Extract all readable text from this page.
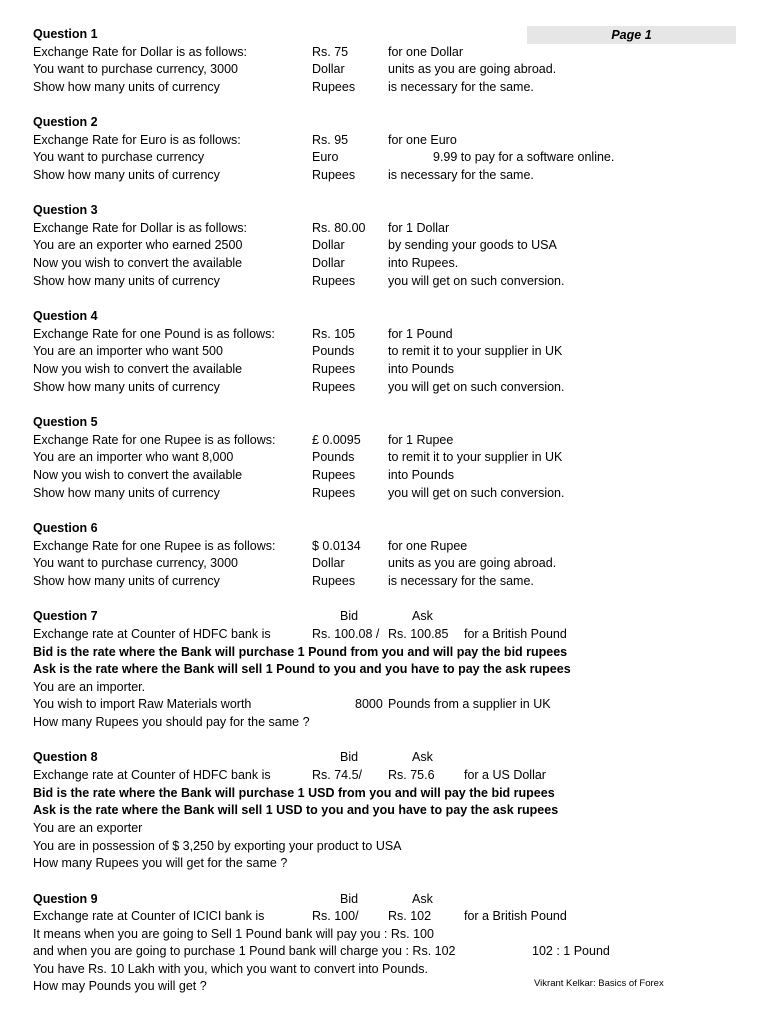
Page 1
Question 1
Exchange Rate for Dollar is as follows:	Rs. 75	for one Dollar
You want to purchase currency, 3000	Dollar	units as you are going abroad.
Show how many units of currency	Rupees	is necessary for the same.
Question 2
Exchange Rate for Euro is as follows:	Rs. 95	for one Euro
You want to purchase currency	Euro	9.99 to pay for a software online.
Show how many units of currency	Rupees	is necessary for the same.
Question 3
Exchange Rate for Dollar is as follows:	Rs. 80.00 for 1 Dollar
You are an exporter who earned 2500	Dollar	by sending your goods to USA
Now you wish to convert the available	Dollar	into Rupees.
Show how many units of currency	Rupees	you will get on such conversion.
Question 4
Exchange Rate for one Pound is as follows:	Rs. 105	for 1 Pound
You are an importer who want 500	Pounds	to remit it to your supplier in UK
Now you wish to convert the available	Rupees	into Pounds
Show how many units of currency	Rupees	you will get on such conversion.
Question 5
Exchange Rate for one Rupee is as follows:	£ 0.0095 for 1 Rupee
You are an importer who want 8,000	Pounds	to remit it to your supplier in UK
Now you wish to convert the available	Rupees	into Pounds
Show how many units of currency	Rupees	you will get on such conversion.
Question 6
Exchange Rate for one Rupee is as follows:	$ 0.0134 for one Rupee
You want to purchase currency, 3000	Dollar	units as you are going abroad.
Show how many units of currency	Rupees	is necessary for the same.
Question 7	Bid	Ask
Exchange rate at Counter of HDFC bank is	Rs. 100.08 / Rs. 100.85 for a British Pound
Bid is the rate where the Bank will purchase 1 Pound from you and will pay the bid rupees
Ask is the rate where the Bank will sell 1 Pound to you and you have to pay the ask rupees
You are an importer.
You wish to import Raw Materials worth	8000 Pounds from a supplier in UK
How many Rupees you should pay for the same ?
Question 8	Bid	Ask
Exchange rate at Counter of HDFC bank is	Rs. 74.5/ Rs. 75.6 for a US Dollar
Bid is the rate where the Bank will purchase 1 USD from you and will pay the bid rupees
Ask is the rate where the Bank will sell 1 USD to you and you have to pay the ask rupees
You are an exporter
You are in possession of $ 3,250 by exporting your product to USA
How many Rupees you will get for the same ?
Question 9	Bid	Ask
Exchange rate at Counter of ICICI bank is	Rs. 100/ Rs. 102	for a British Pound
It means when you are going to Sell 1 Pound bank will pay you : Rs. 100
and when you are going to purchase 1 Pound bank will charge you : Rs. 102	102 : 1 Pound
You have Rs. 10 Lakh with you, which you want to convert into Pounds.
How may Pounds you will get ?	Vikrant Kelkar: Basics of Forex
